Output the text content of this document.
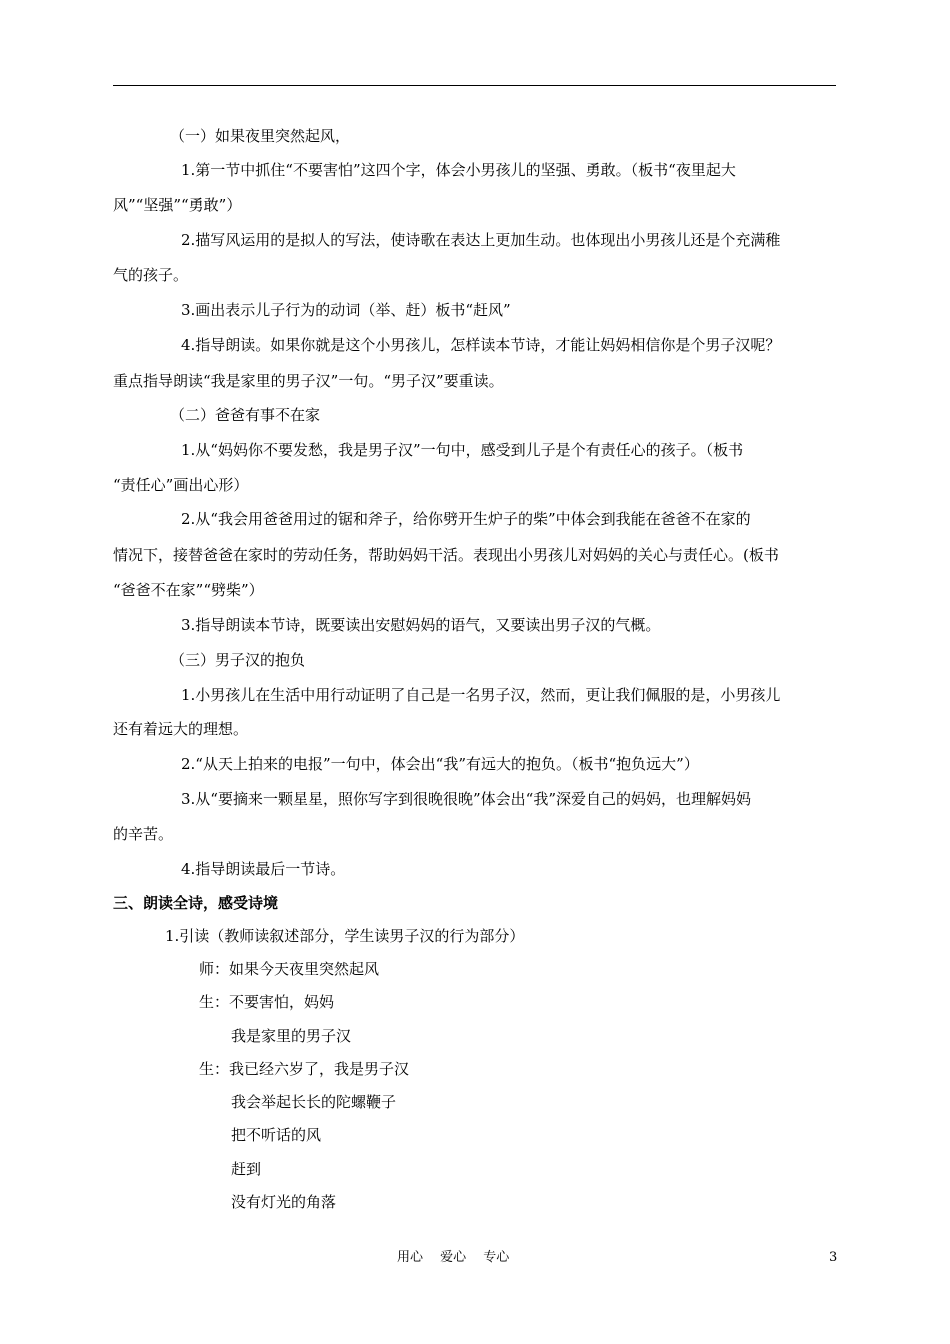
（一）如果夜里突然起风，
1.第一节中抓住“不要害怕”这四个字，体会小男孩儿的坚强、勇敢。（板书“夜里起大
风”“坚强”“勇敢”）
2.描写风运用的是拟人的写法，使诗歌在表达上更加生动。也体现出小男孩儿还是个充满稚
气的孩子。
3.画出表示儿子行为的动词（举、赶）板书“赶风”
4.指导朗读。如果你就是这个小男孩儿，怎样读本节诗，才能让妈妈相信你是个男子汉呢？
重点指导朗读“我是家里的男子汉”一句。“男子汉”要重读。
（二）爸爸有事不在家
1.从“妈妈你不要发愁，我是男子汉”一句中，感受到儿子是个有责任心的孩子。（板书
“责任心”画出心形）
2.从“我会用爸爸用过的锯和斧子，给你劈开生炉子的柴”中体会到我能在爸爸不在家的
情况下，接替爸爸在家时的劳动任务，帮助妈妈干活。表现出小男孩儿对妈妈的关心与责任心。(板书
“爸爸不在家”“劈柴”）
3.指导朗读本节诗，既要读出安慰妈妈的语气，又要读出男子汉的气概。
（三）男子汉的抱负
1.小男孩儿在生活中用行动证明了自己是一名男子汉，然而，更让我们佩服的是，小男孩儿
还有着远大的理想。
2.“从天上拍来的电报”一句中，体会出“我”有远大的抱负。（板书“抱负远大”）
3.从“要摘来一颗星星，照你写字到很晚很晚”体会出“我”深爱自己的妈妈，也理解妈妈
的辛苦。
4.指导朗读最后一节诗。
三、朗读全诗，感受诗境
1.引读（教师读叙述部分，学生读男子汉的行为部分）
师：如果今天夜里突然起风
生：不要害怕，妈妈
我是家里的男子汉
生：我已经六岁了，我是男子汉
我会举起长长的陀螺鞭子
把不听话的风
赶到
没有灯光的角落
用心　 爱心　 专心	3
